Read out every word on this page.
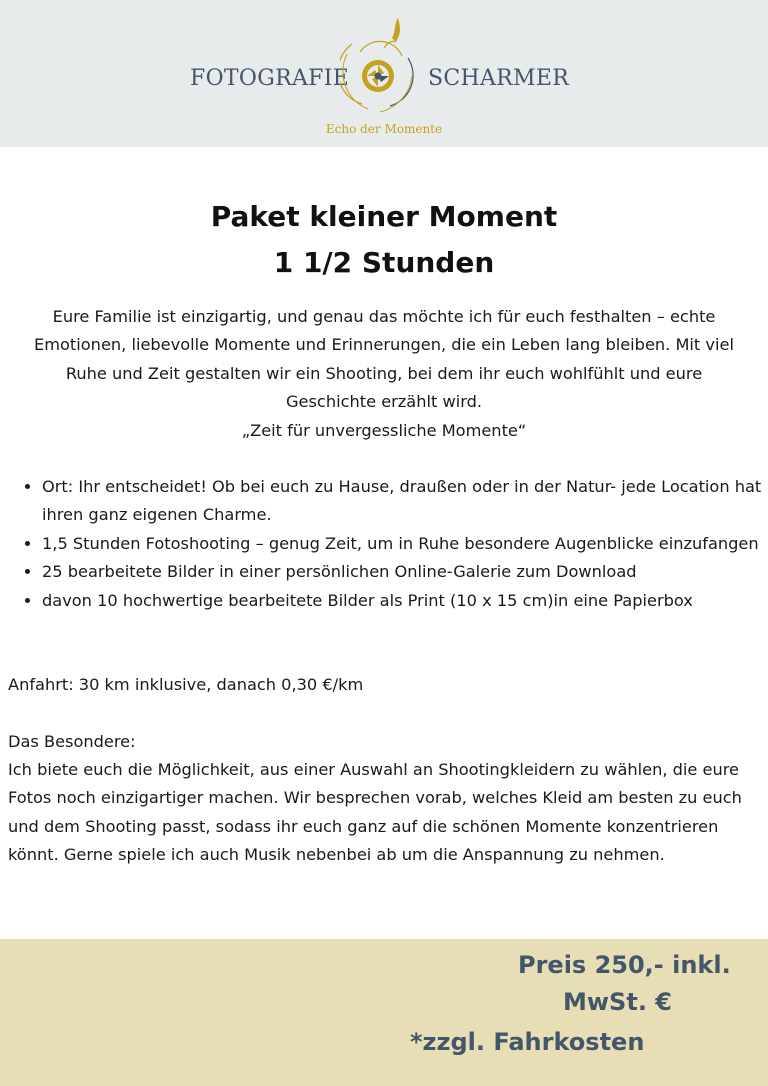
FOTOGRAFIE	SCHARMER
Echo der Momente
Paket kleiner Moment
1 1/2 Stunden

Eure Familie ist einzigartig, und genau das möchte ich für euch festhalten – echte
Emotionen, liebevolle Momente und Erinnerungen, die ein Leben lang bleiben. Mit viel
Ruhe und Zeit gestalten wir ein Shooting, bei dem ihr euch wohlfühlt und eure
Geschichte erzählt wird.
„Zeit für unvergessliche Momente“

• Ort: Ihr entscheidet! Ob bei euch zu Hause, draußen oder in der Natur- jede Location hat ihren ganz eigenen Charme.
• 1,5 Stunden Fotoshooting – genug Zeit, um in Ruhe besondere Augenblicke einzufangen
• 25 bearbeitete Bilder in einer persönlichen Online-Galerie zum Download
• davon 10 hochwertige bearbeitete Bilder als Print (10 x 15 cm)in eine Papierbox

Anfahrt: 30 km inklusive, danach 0,30 €/km

Das Besondere:

Ich biete euch die Möglichkeit, aus einer Auswahl an Shootingkleidern zu wählen, die eure Fotos noch einzigartiger machen. Wir besprechen vorab, welches Kleid am besten zu euch und dem Shooting passt, sodass ihr euch ganz auf die schönen Momente konzentrieren könnt. Gerne spiele ich auch Musik nebenbei ab um die Anspannung zu nehmen.

Preis 250,- inkl.

MwSt. €

*zzgl. Fahrkosten
